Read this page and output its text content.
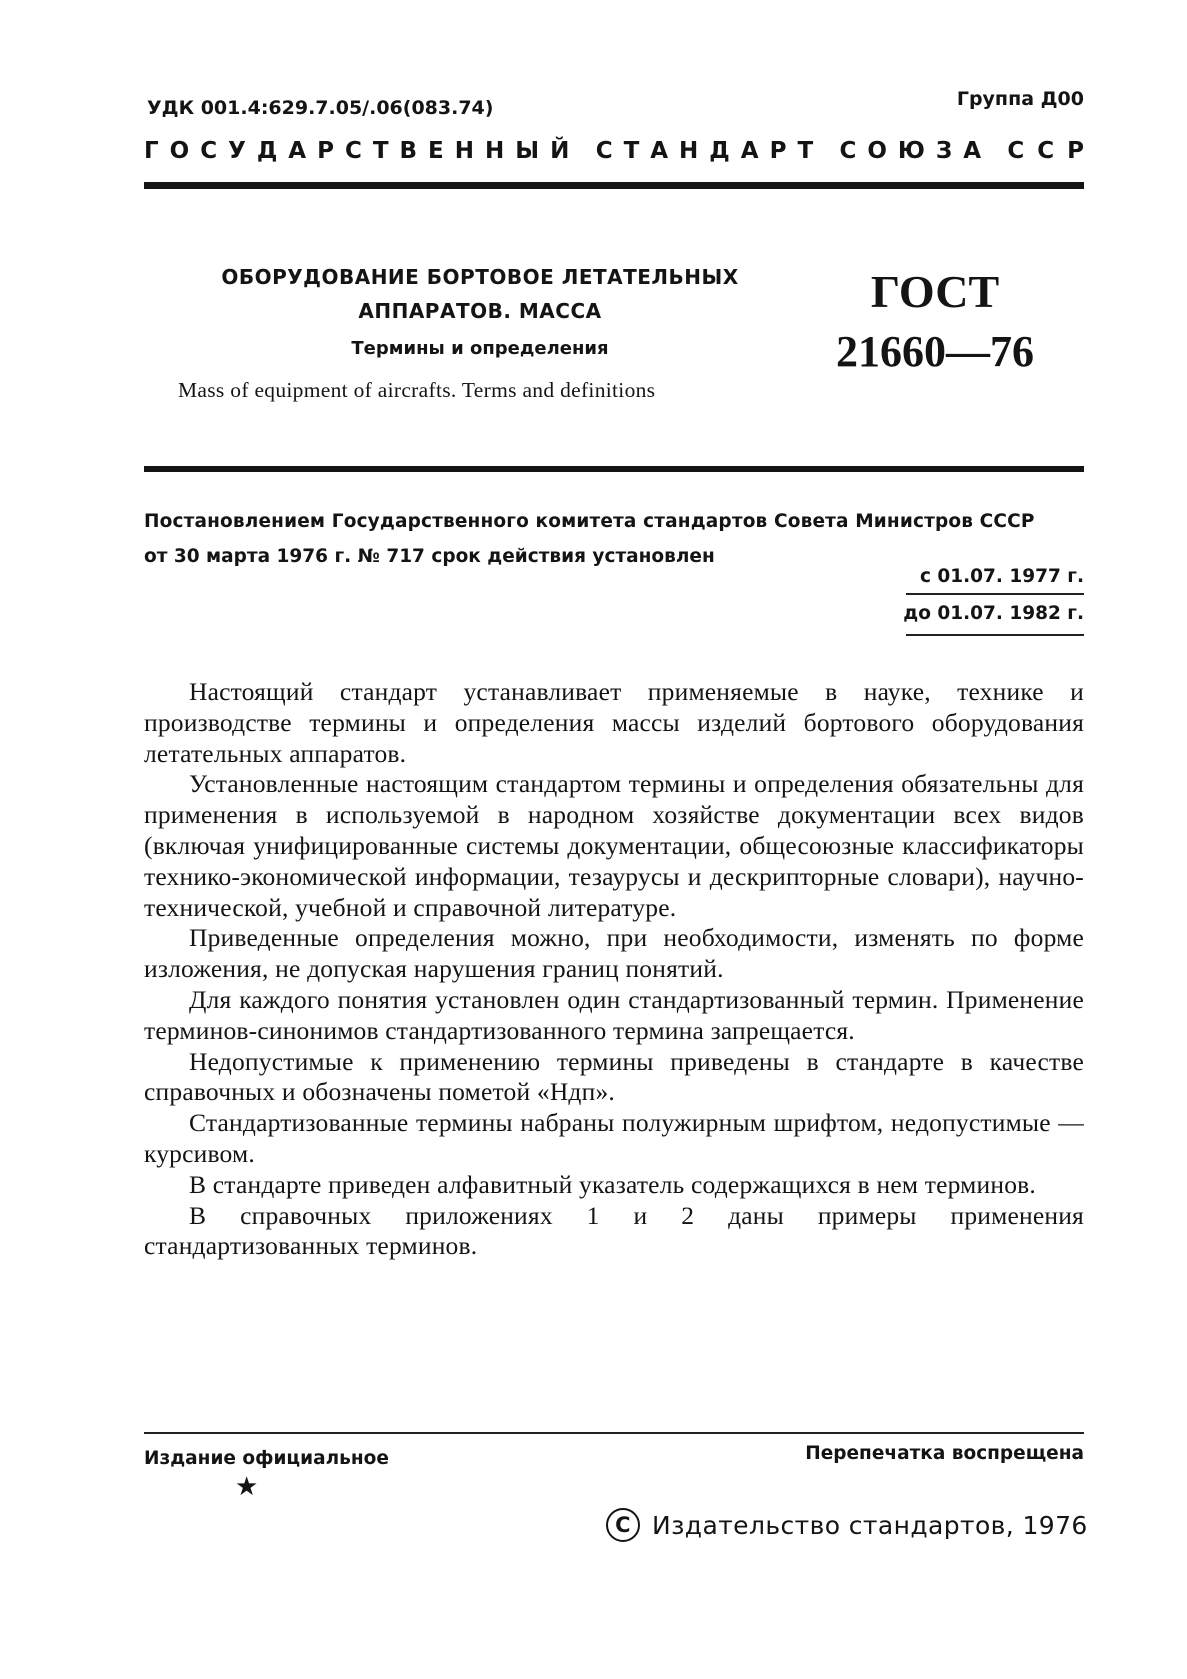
УДК 001.4:629.7.05/.06(083.74)	Группа Д00
ГОСУДАРСТВЕННЫЙ СТАНДАРТ СОЮЗА ССР
ОБОРУДОВАНИЕ БОРТОВОЕ ЛЕТАТЕЛЬНЫХ
АППАРАТОВ. МАССА
Термины и определения
Mass of equipment of aircrafts. Terms and definitions
ГОСТ
21660—76
Постановлением Государственного комитета стандартов Совета Министров СССР
от 30 марта 1976 г. № 717 срок действия установлен
с 01.07. 1977 г.
до 01.07. 1982 г.

Настоящий стандарт устанавливает применяемые в науке, технике и производстве термины и определения массы изделий бортового оборудования летательных аппаратов.

Установленные настоящим стандартом термины и определения обязательны для применения в используемой в народном хозяйстве документации всех видов (включая унифицированные системы документации, общесоюзные классификаторы технико-экономической информации, тезаурусы и дескрипторные словари), научно-технической, учебной и справочной литературе.

Приведенные определения можно, при необходимости, изменять по форме изложения, не допуская нарушения границ понятий.

Для каждого понятия установлен один стандартизованный термин. Применение терминов-синонимов стандартизованного термина запрещается.

Недопустимые к применению термины приведены в стандарте в качестве справочных и обозначены пометой «Ндп».

Стандартизованные термины набраны полужирным шрифтом, недопустимые — курсивом.

В стандарте приведен алфавитный указатель содержащихся в нем терминов.

В справочных приложениях 1 и 2 даны примеры применения стандартизованных терминов.

Издание официальное
★
Перепечатка воспрещена
C Издательство стандартов, 1976
